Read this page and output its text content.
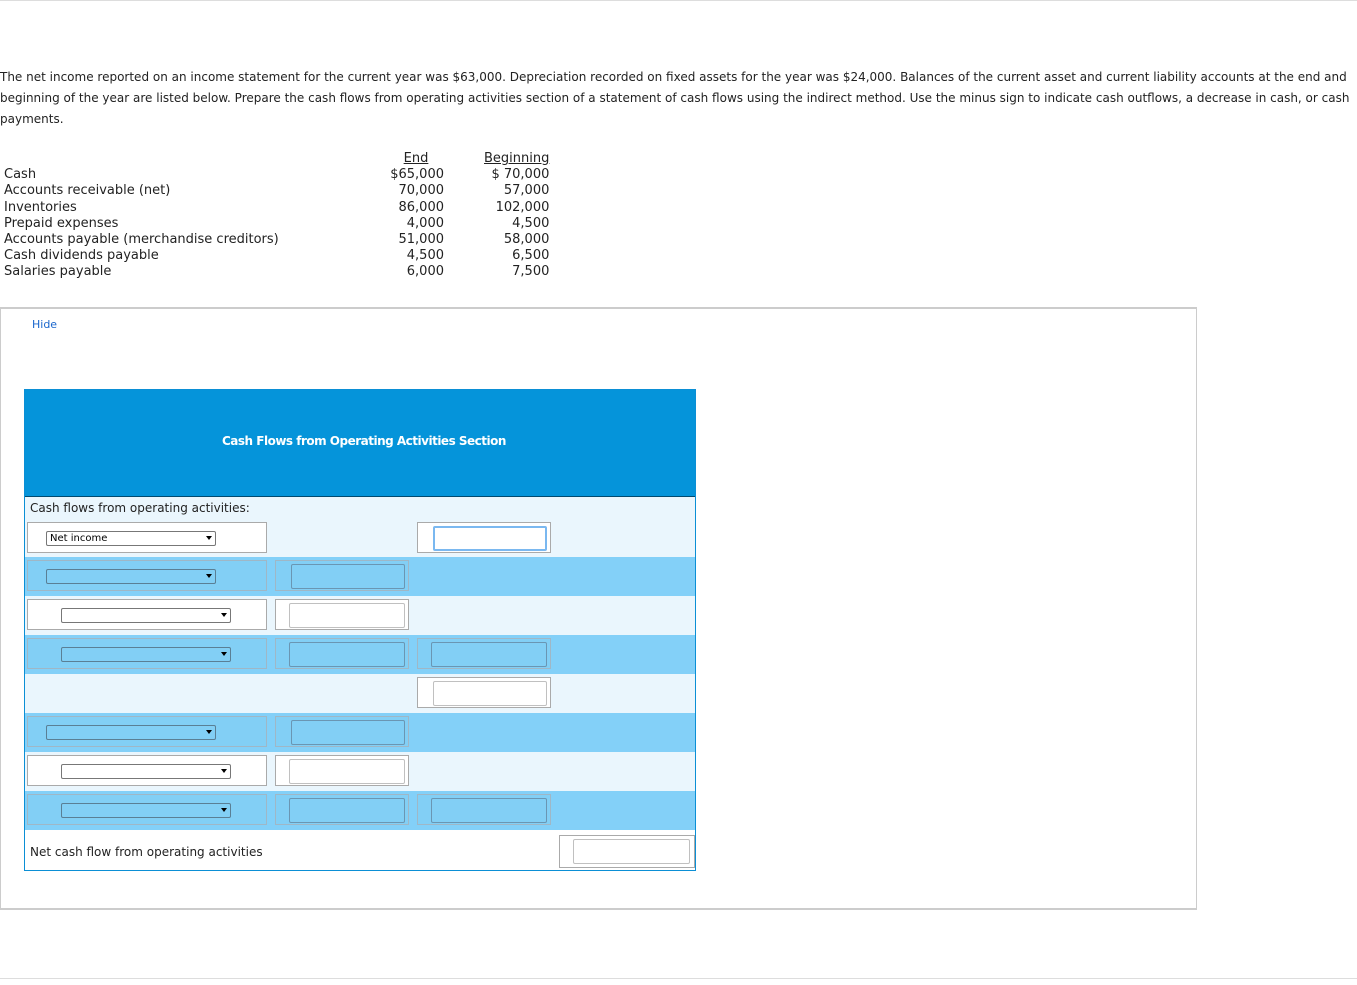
The net income reported on an income statement for the current year was $63,000. Depreciation recorded on fixed assets for the year was $24,000. Balances of the current asset and current liability accounts at the end and beginning of the year are listed below. Prepare the cash flows from operating activities section of a statement of cash flows using the indirect method. Use the minus sign to indicate cash outflows, a decrease in cash, or cash payments.
	End		Beginning
Cash	$65,000		$ 70,000
Accounts receivable (net)	70,000		57,000
Inventories	86,000		102,000
Prepaid expenses	4,000		4,500
Accounts payable (merchandise creditors)	51,000		58,000
Cash dividends payable	4,500		6,500
Salaries payable	6,000		7,500
Hide
Cash Flows from Operating Activities Section
Cash flows from operating activities:
Net income
Net cash flow from operating activities
